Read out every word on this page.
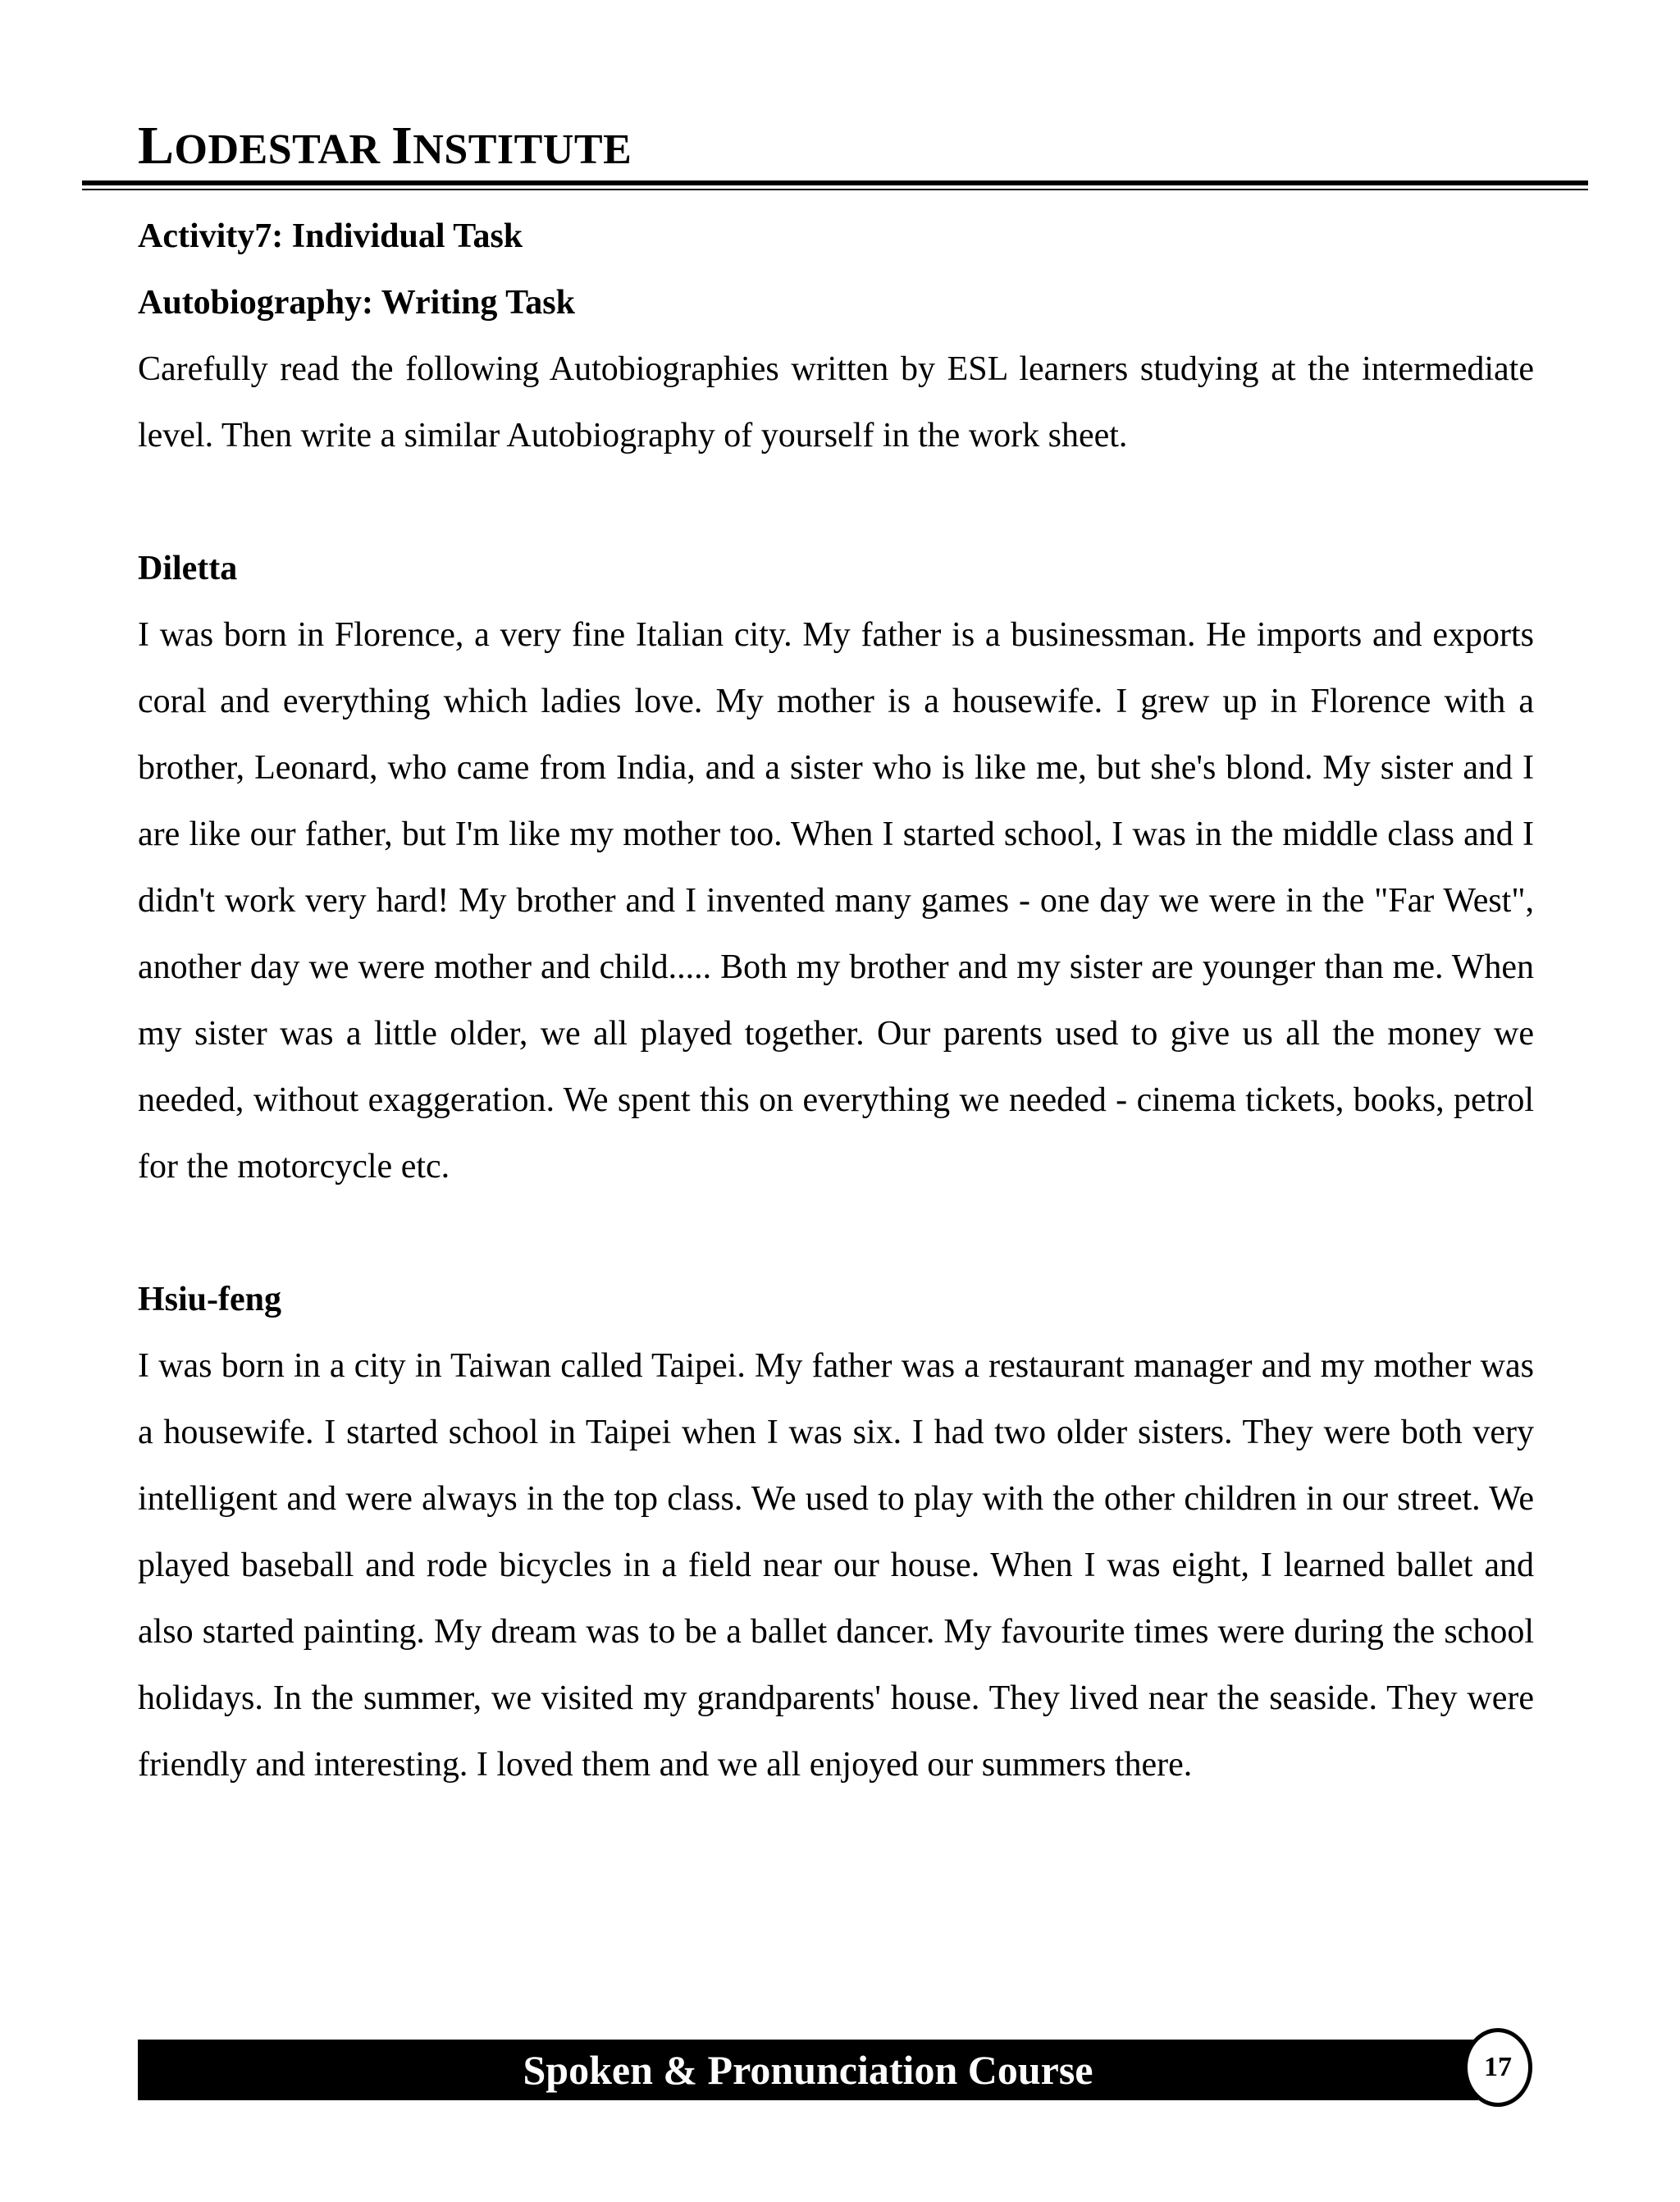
LODESTAR INSTITUTE

Activity7: Individual Task

Autobiography: Writing Task

Carefully read the following Autobiographies written by ESL learners studying at the intermediate level. Then write a similar Autobiography of yourself in the work sheet.

Diletta

I was born in Florence, a very fine Italian city. My father is a businessman. He imports and exports coral and everything which ladies love. My mother is a housewife. I grew up in Florence with a brother, Leonard, who came from India, and a sister who is like me, but she's blond. My sister and I are like our father, but I'm like my mother too. When I started school, I was in the middle class and I didn't work very hard! My brother and I invented many games - one day we were in the "Far West", another day we were mother and child..... Both my brother and my sister are younger than me. When my sister was a little older, we all played together. Our parents used to give us all the money we needed, without exaggeration. We spent this on everything we needed - cinema tickets, books, petrol for the motorcycle etc.

Hsiu-feng

I was born in a city in Taiwan called Taipei. My father was a restaurant manager and my mother was a housewife. I started school in Taipei when I was six. I had two older sisters. They were both very intelligent and were always in the top class. We used to play with the other children in our street. We played baseball and rode bicycles in a field near our house. When I was eight, I learned ballet and also started painting. My dream was to be a ballet dancer. My favourite times were during the school holidays. In the summer, we visited my grandparents' house. They lived near the seaside. They were friendly and interesting. I loved them and we all enjoyed our summers there.

Spoken & Pronunciation Course	17
